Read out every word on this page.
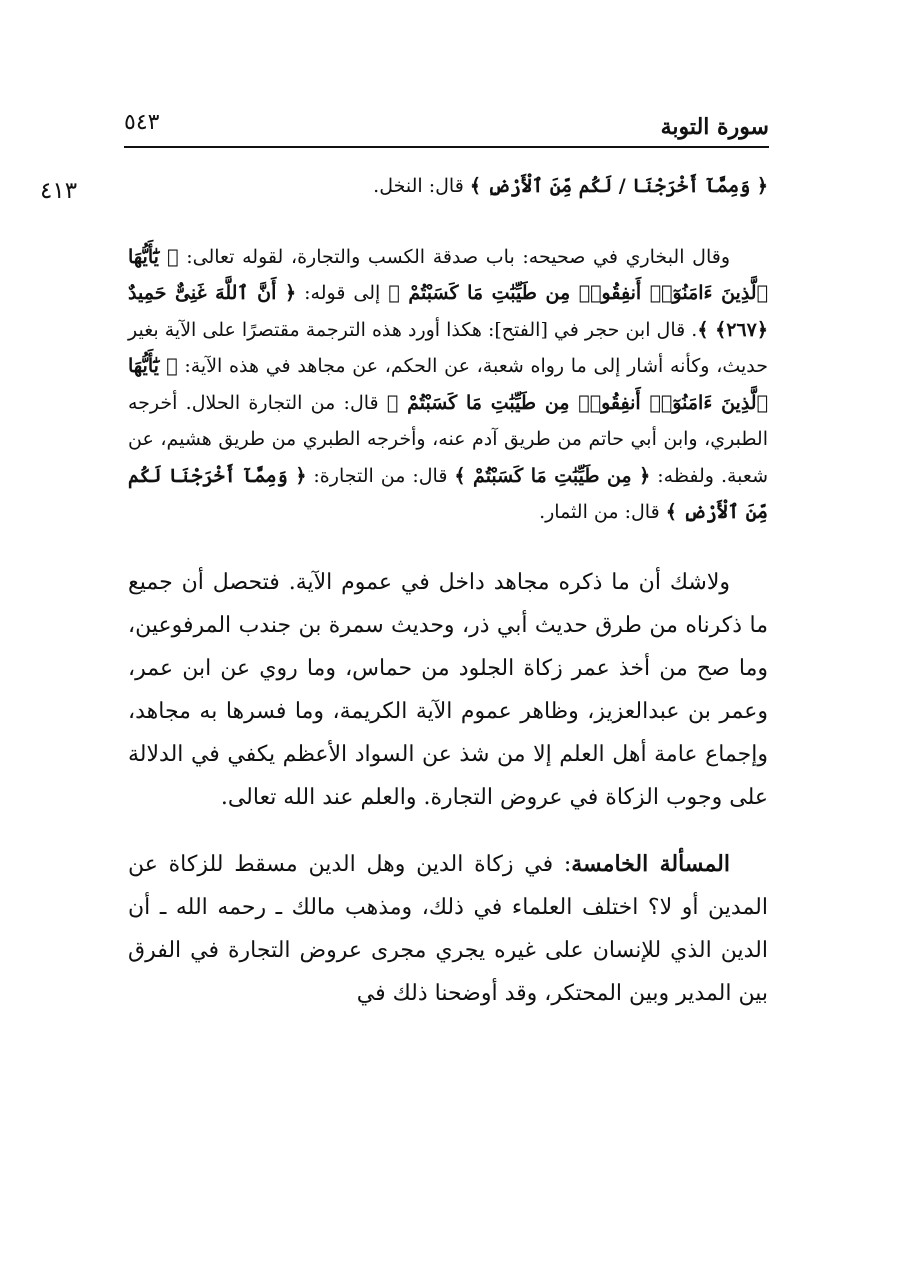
سورة التوبة
٥٤٣
٤١٣	﴿ وَمِمَّآ أَخْرَجْنَا / لَكُم مِّنَ ٱلْأَرْضِ ﴾ قال: النخل.

وقال البخاري في صحيحه: باب صدقة الكسب والتجارة، لقوله تعالى: ﴿ يَٰٓأَيُّهَا ٱلَّذِينَ ءَامَنُوٓا۟ أَنفِقُوا۟ مِن طَيِّبَٰتِ مَا كَسَبْتُمْ ﴾ إلى قوله: ﴿ أَنَّ ٱللَّهَ غَنِىٌّ حَمِيدٌ ﴿٢٦٧﴾ ﴾. قال ابن حجر في [الفتح]: هكذا أورد هذه الترجمة مقتصرًا على الآية بغير حديث، وكأنه أشار إلى ما رواه شعبة، عن الحكم، عن مجاهد في هذه الآية: ﴿ يَٰٓأَيُّهَا ٱلَّذِينَ ءَامَنُوٓا۟ أَنفِقُوا۟ مِن طَيِّبَٰتِ مَا كَسَبْتُمْ ﴾ قال: من التجارة الحلال. أخرجه الطبري، وابن أبي حاتم من طريق آدم عنه، وأخرجه الطبري من طريق هشيم، عن شعبة. ولفظه: ﴿ مِن طَيِّبَٰتِ مَا كَسَبْتُمْ ﴾ قال: من التجارة: ﴿ وَمِمَّآ أَخْرَجْنَا لَكُم مِّنَ ٱلْأَرْضِ ﴾ قال: من الثمار.

ولاشك أن ما ذكره مجاهد داخل في عموم الآية. فتحصل أن جميع ما ذكرناه من طرق حديث أبي ذر، وحديث سمرة بن جندب المرفوعين، وما صح من أخذ عمر زكاة الجلود من حماس، وما روي عن ابن عمر، وعمر بن عبدالعزيز، وظاهر عموم الآية الكريمة، وما فسرها به مجاهد، وإجماع عامة أهل العلم إلا من شذ عن السواد الأعظم يكفي في الدلالة على وجوب الزكاة في عروض التجارة. والعلم عند الله تعالى.

المسألة الخامسة: في زكاة الدين وهل الدين مسقط للزكاة عن المدين أو لا؟ اختلف العلماء في ذلك، ومذهب مالك ـ رحمه الله ـ أن الدين الذي للإنسان على غيره يجري مجرى عروض التجارة في الفرق بين المدير وبين المحتكر، وقد أوضحنا ذلك في
